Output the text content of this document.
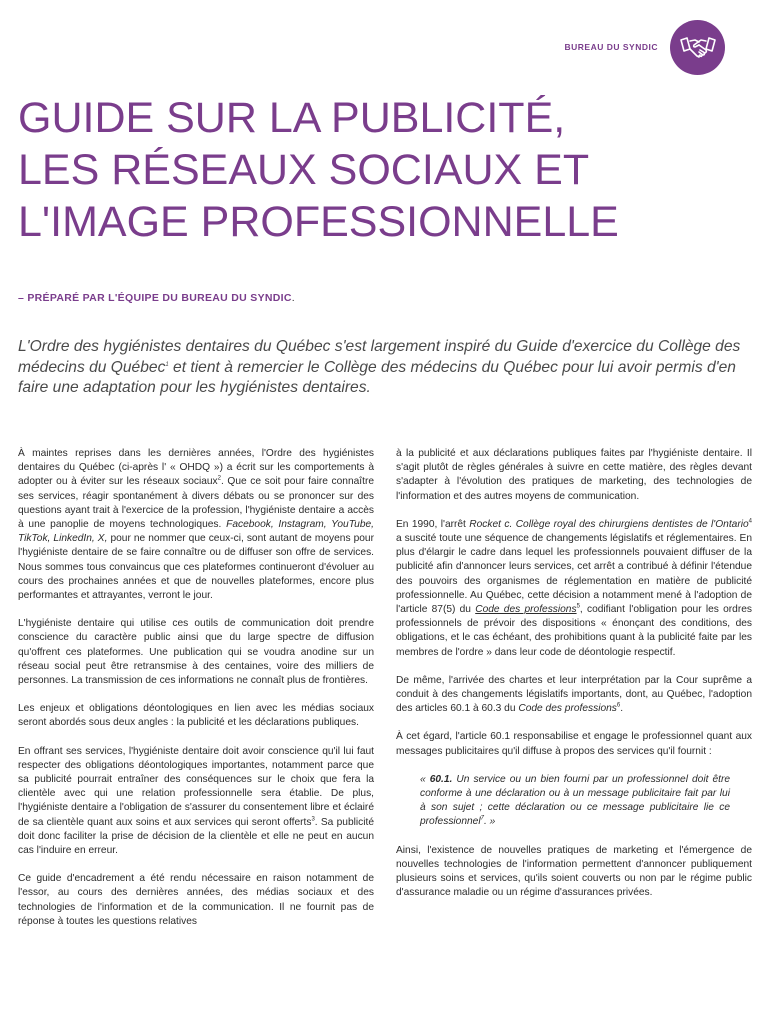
BUREAU DU SYNDIC
GUIDE SUR LA PUBLICITÉ,
LES RÉSEAUX SOCIAUX ET
L'IMAGE PROFESSIONNELLE

– PRÉPARÉ PAR L'ÉQUIPE DU BUREAU DU SYNDIC.

L'Ordre des hygiénistes dentaires du Québec s'est largement inspiré du Guide d'exercice du Collège des médecins du Québec$^1$ et tient à remercier le Collège des médecins du Québec pour lui avoir permis d'en faire une adaptation pour les hygiénistes dentaires.

À maintes reprises dans les dernières années, l'Ordre des hygiénistes dentaires du Québec (ci-après l' « OHDQ ») a écrit sur les comportements à adopter ou à éviter sur les réseaux sociaux$^2$. Que ce soit pour faire connaître ses services, réagir spontanément à divers débats ou se prononcer sur des questions ayant trait à l'exercice de la profession, l'hygiéniste dentaire a accès à une panoplie de moyens technologiques. Facebook, Instagram, YouTube, TikTok, LinkedIn, X, pour ne nommer que ceux-ci, sont autant de moyens pour l'hygiéniste dentaire de se faire connaître ou de diffuser son offre de services. Nous sommes tous convaincus que ces plateformes continueront d'évoluer au cours des prochaines années et que de nouvelles plateformes, encore plus performantes et attrayantes, verront le jour.

L'hygiéniste dentaire qui utilise ces outils de communication doit prendre conscience du caractère public ainsi que du large spectre de diffusion qu'offrent ces plateformes. Une publication qui se voudra anodine sur un réseau social peut être retransmise à des centaines, voire des milliers de personnes. La transmission de ces informations ne connaît plus de frontières.

Les enjeux et obligations déontologiques en lien avec les médias sociaux seront abordés sous deux angles : la publicité et les déclarations publiques.

En offrant ses services, l'hygiéniste dentaire doit avoir conscience qu'il lui faut respecter des obligations déontologiques importantes, notamment parce que sa publicité pourrait entraîner des conséquences sur le choix que fera la clientèle avec qui une relation professionnelle sera établie. De plus, l'hygiéniste dentaire a l'obligation de s'assurer du consentement libre et éclairé de sa clientèle quant aux soins et aux services qui seront offerts$^3$. Sa publicité doit donc faciliter la prise de décision de la clientèle et elle ne peut en aucun cas l'induire en erreur.

Ce guide d'encadrement a été rendu nécessaire en raison notamment de l'essor, au cours des dernières années, des médias sociaux et des technologies de l'information et de la communication. Il ne fournit pas de réponse à toutes les questions relatives

à la publicité et aux déclarations publiques faites par l'hygiéniste dentaire. Il s'agit plutôt de règles générales à suivre en cette matière, des règles devant s'adapter à l'évolution des pratiques de marketing, des technologies de l'information et des autres moyens de communication.

En 1990, l'arrêt Rocket c. Collège royal des chirurgiens dentistes de l'Ontario$^4$ a suscité toute une séquence de changements législatifs et réglementaires. En plus d'élargir le cadre dans lequel les professionnels pouvaient diffuser de la publicité afin d'annoncer leurs services, cet arrêt a contribué à définir l'étendue des pouvoirs des organismes de réglementation en matière de publicité professionnelle. Au Québec, cette décision a notamment mené à l'adoption de l'article 87(5) du Code des professions$^5$, codifiant l'obligation pour les ordres professionnels de prévoir des dispositions « énonçant des conditions, des obligations, et le cas échéant, des prohibitions quant à la publicité faite par les membres de l'ordre » dans leur code de déontologie respectif.

De même, l'arrivée des chartes et leur interprétation par la Cour suprême a conduit à des changements législatifs importants, dont, au Québec, l'adoption des articles 60.1 à 60.3 du Code des professions$^6$.

À cet égard, l'article 60.1 responsabilise et engage le professionnel quant aux messages publicitaires qu'il diffuse à propos des services qu'il fournit :

« 60.1. Un service ou un bien fourni par un professionnel doit être conforme à une déclaration ou à un message publicitaire fait par lui à son sujet ; cette déclaration ou ce message publicitaire lie ce professionnel$^7$. »

Ainsi, l'existence de nouvelles pratiques de marketing et l'émergence de nouvelles technologies de l'information permettent d'annoncer publiquement plusieurs soins et services, qu'ils soient couverts ou non par le régime public d'assurance maladie ou un régime d'assurances privées.
